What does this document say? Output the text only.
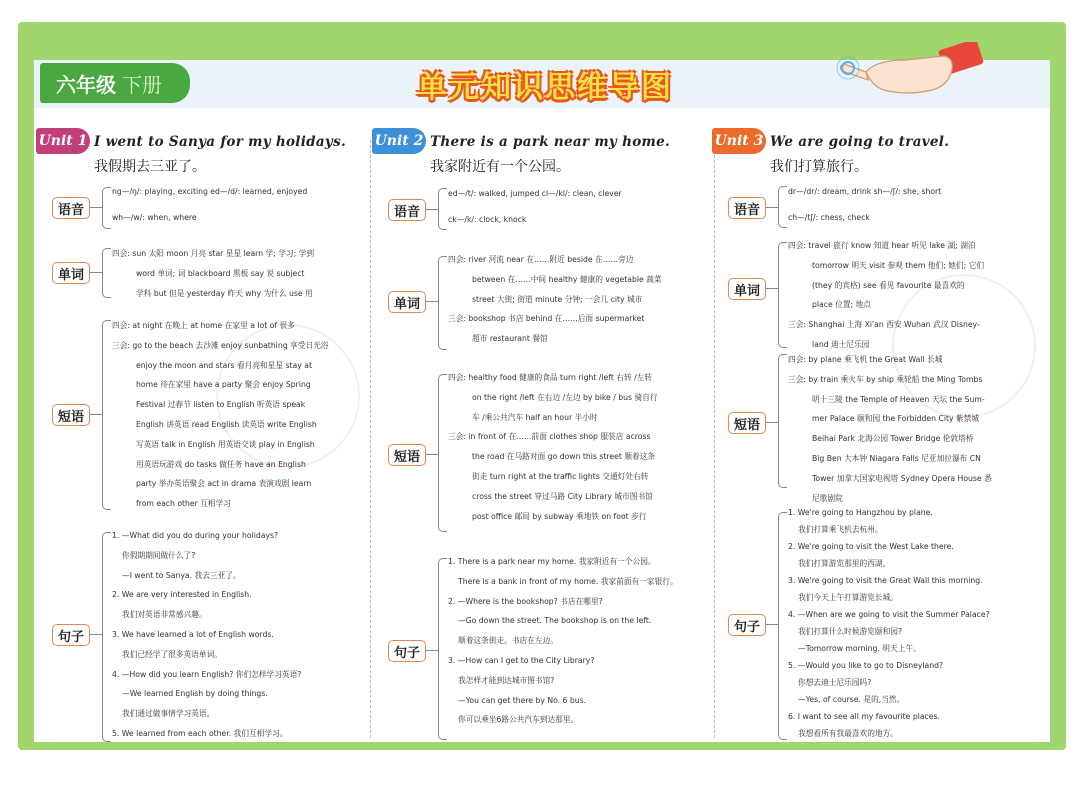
六年级 下册	单元知识思维导图
Unit 1 I went to Sanya for my holidays.
我假期去三亚了。
语音
ng—/ŋ/: playing, exciting ed—/d/: learned, enjoyed
wh—/w/: when, where
单词
四会: sun 太阳 moon 月亮 star 星星 learn 学; 学习; 学到
word 单词; 词 blackboard 黑板 say 说 subject
学科 but 但是 yesterday 昨天 why 为什么 use 用
短语
四会: at night 在晚上 at home 在家里 a lot of 很多
三会: go to the beach 去沙滩 enjoy sunbathing 享受日光浴
enjoy the moon and stars 看月亮和星星 stay at
home 待在家里 have a party 聚会 enjoy Spring
Festival 过春节 listen to English 听英语 speak
English 讲英语 read English 读英语 write English
写英语 talk in English 用英语交谈 play in English
用英语玩游戏 do tasks 做任务 have an English
party 举办英语聚会 act in drama 表演戏剧 learn
from each other 互相学习
句子
1. —What did you do during your holidays?
你假期期间做什么了?
—I went to Sanya. 我去三亚了。
2. We are very interested in English.
我们对英语非常感兴趣。
3. We have learned a lot of English words.
我们已经学了很多英语单词。
4. —How did you learn English? 你们怎样学习英语?
—We learned English by doing things.
我们通过做事情学习英语。
5. We learned from each other. 我们互相学习。
Unit 2 There is a park near my home.
我家附近有一个公园。
语音
ed—/t/: walked, jumped cl—/kl/: clean, clever
ck—/k/: clock, knock
单词
四会: river 河流 near 在……附近 beside 在……旁边
between 在……中间 healthy 健康的 vegetable 蔬菜
street 大街; 街道 minute 分钟; 一会儿 city 城市
三会: bookshop 书店 behind 在……后面 supermarket
超市 restaurant 餐馆
短语
四会: healthy food 健康的食品 turn right /left 右转 /左转
on the right /left 在右边 /左边 by bike / bus 骑自行
车 /乘公共汽车 half an hour 半小时
三会: in front of 在……前面 clothes shop 服装店 across
the road 在马路对面 go down this street 顺着这条
街走 turn right at the traffic lights 交通灯处右转
cross the street 穿过马路 City Library 城市图书馆
post office 邮局 by subway 乘地铁 on foot 步行
句子
1. There is a park near my home. 我家附近有一个公园。
There is a bank in front of my home. 我家前面有一家银行。
2. —Where is the bookshop? 书店在哪里?
—Go down the street. The bookshop is on the left.
顺着这条街走。书店在左边。
3. —How can I get to the City Library?
我怎样才能到达城市图书馆?
—You can get there by No. 6 bus.
你可以乘坐6路公共汽车到达那里。
Unit 3 We are going to travel.
我们打算旅行。
语音
dr—/dr/: dream, drink sh—/ʃ/: she, short
ch—/tʃ/: chess, check
单词
四会: travel 旅行 know 知道 hear 听见 lake 湖; 湖泊
tomorrow 明天 visit 参观 them 他们; 她们; 它们
(they 的宾格) see 看见 favourite 最喜欢的
place 位置; 地点
三会: Shanghai 上海 Xi'an 西安 Wuhan 武汉 Disney-
land 迪士尼乐园
短语
四会: by plane 乘飞机 the Great Wall 长城
三会: by train 乘火车 by ship 乘轮船 the Ming Tombs
明十三陵 the Temple of Heaven 天坛 the Sum-
mer Palace 颐和园 the Forbidden City 紫禁城
Beihai Park 北海公园 Tower Bridge 伦敦塔桥
Big Ben 大本钟 Niagara Falls 尼亚加拉瀑布 CN
Tower 加拿大国家电视塔 Sydney Opera House 悉
尼歌剧院
句子
1. We're going to Hangzhou by plane.
我们打算乘飞机去杭州。
2. We're going to visit the West Lake there.
我们打算游览那里的西湖。
3. We're going to visit the Great Wall this morning.
我们今天上午打算游览长城。
4. —When are we going to visit the Summer Palace?
我们打算什么时候游览颐和园?
—Tomorrow morning. 明天上午。
5. —Would you like to go to Disneyland?
你想去迪士尼乐园吗?
—Yes, of course. 是的,当然。
6. I want to see all my favourite places.
我想看所有我最喜欢的地方。
